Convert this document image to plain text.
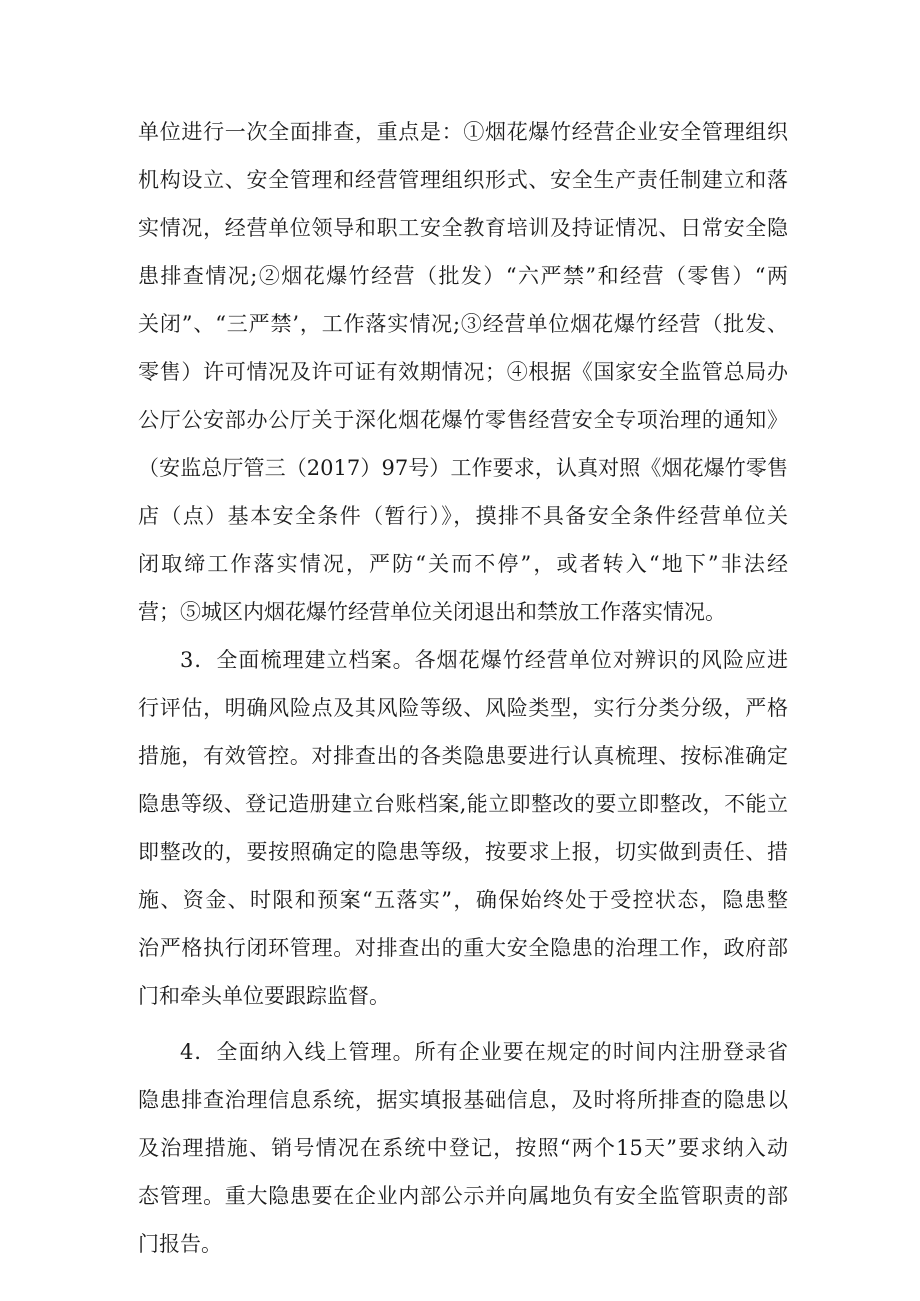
单位进行一次全面排查，重点是：①烟花爆竹经营企业安全管理组织
机构设立、安全管理和经营管理组织形式、安全生产责任制建立和落
实情况，经营单位领导和职工安全教育培训及持证情况、日常安全隐
患排查情况;②烟花爆竹经营（批发）“六严禁”和经营（零售）“两
关闭”、“三严禁’，工作落实情况;③经营单位烟花爆竹经营（批发、
零售）许可情况及许可证有效期情况；④根据《国家安全监管总局办
公厅公安部办公厅关于深化烟花爆竹零售经营安全专项治理的通知》
（安监总厅管三（2017）97号）工作要求，认真对照《烟花爆竹零售
店（点）基本安全条件（暂行）》，摸排不具备安全条件经营单位关
闭取缔工作落实情况，严防“关而不停”，或者转入“地下”非法经
营；⑤城区内烟花爆竹经营单位关闭退出和禁放工作落实情况。
3．全面梳理建立档案。各烟花爆竹经营单位对辨识的风险应进
行评估，明确风险点及其风险等级、风险类型，实行分类分级，严格
措施，有效管控。对排查出的各类隐患要进行认真梳理、按标准确定
隐患等级、登记造册建立台账档案,能立即整改的要立即整改，不能立
即整改的，要按照确定的隐患等级，按要求上报，切实做到责任、措
施、资金、时限和预案“五落实”，确保始终处于受控状态，隐患整
治严格执行闭环管理。对排查出的重大安全隐患的治理工作，政府部
门和牵头单位要跟踪监督。
4．全面纳入线上管理。所有企业要在规定的时间内注册登录省
隐患排查治理信息系统，据实填报基础信息，及时将所排查的隐患以
及治理措施、销号情况在系统中登记，按照“两个15天”要求纳入动
态管理。重大隐患要在企业内部公示并向属地负有安全监管职责的部
门报告。
